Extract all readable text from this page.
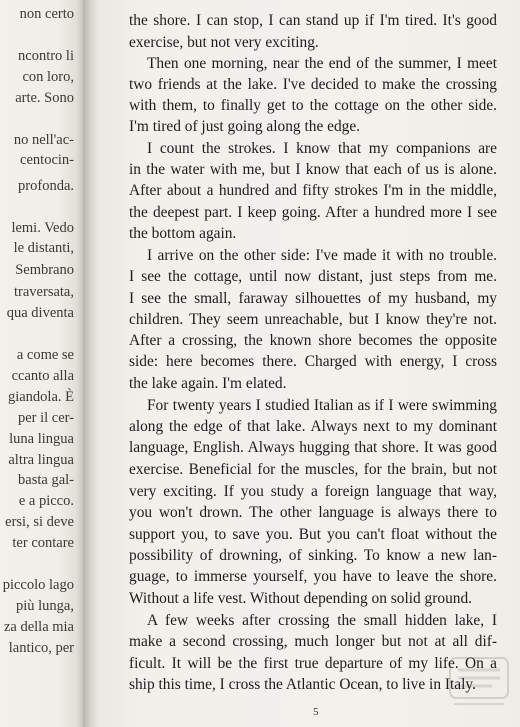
non certo
ncontro li
con loro,
arte. Sono
no nell'ac-
centocin-
profonda.
lemi. Vedo
le distanti,
Sembrano
traversata,
qua diventa
a come se
ccanto alla
giandola. È
per il cer-
luna lingua
altra lingua
basta gal-
e a picco.
ersi, si deve
ter contare
piccolo lago
più lunga,
za della mia
lantico, per
5
the shore. I can stop, I can stand up if I'm tired. It's good
exercise, but not very exciting.
Then one morning, near the end of the summer, I meet
two friends at the lake. I've decided to make the crossing
with them, to finally get to the cottage on the other side.
I'm tired of just going along the edge.
I count the strokes. I know that my companions are
in the water with me, but I know that each of us is alone.
After about a hundred and fifty strokes I'm in the middle,
the deepest part. I keep going. After a hundred more I see
the bottom again.
I arrive on the other side: I've made it with no trouble.
I see the cottage, until now distant, just steps from me.
I see the small, faraway silhouettes of my husband, my
children. They seem unreachable, but I know they're not.
After a crossing, the known shore becomes the opposite
side: here becomes there. Charged with energy, I cross
the lake again. I'm elated.
For twenty years I studied Italian as if I were swimming
along the edge of that lake. Always next to my dominant
language, English. Always hugging that shore. It was good
exercise. Beneficial for the muscles, for the brain, but not
very exciting. If you study a foreign language that way,
you won't drown. The other language is always there to
support you, to save you. But you can't float without the
possibility of drowning, of sinking. To know a new lan-
guage, to immerse yourself, you have to leave the shore.
Without a life vest. Without depending on solid ground.
A few weeks after crossing the small hidden lake, I
make a second crossing, much longer but not at all dif-
ficult. It will be the first true departure of my life. On a
ship this time, I cross the Atlantic Ocean, to live in Italy.
